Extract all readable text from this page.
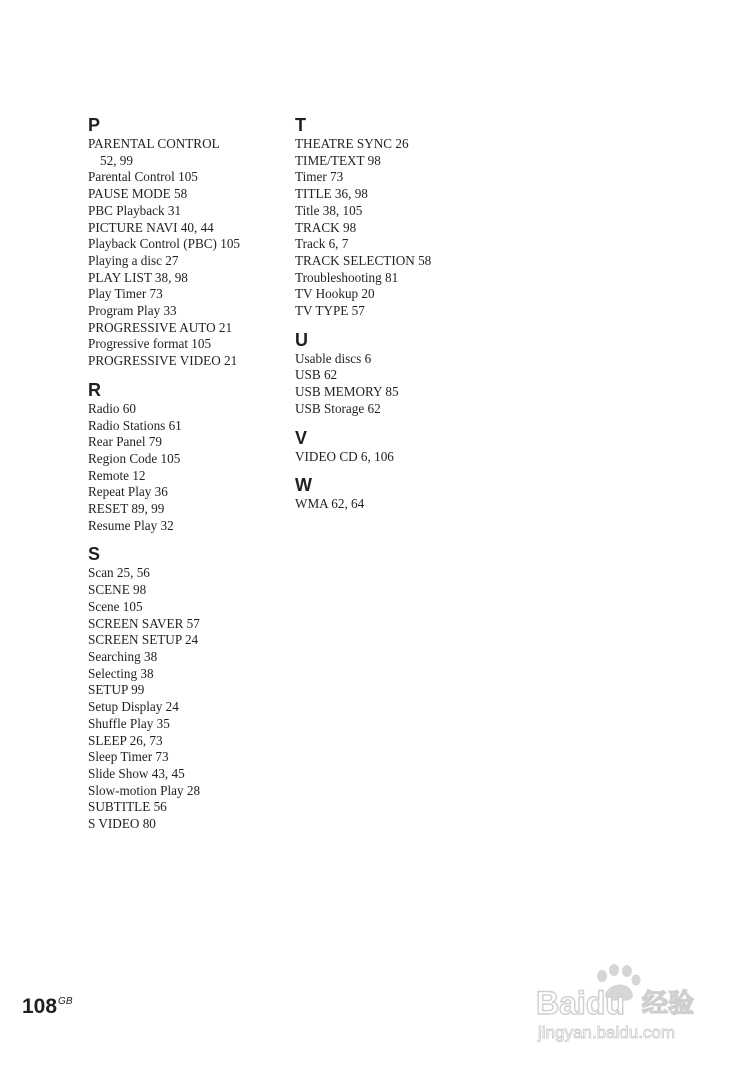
P
PARENTAL CONTROL
52, 99
Parental Control 105
PAUSE MODE 58
PBC Playback 31
PICTURE NAVI 40, 44
Playback Control (PBC) 105
Playing a disc 27
PLAY LIST 38, 98
Play Timer 73
Program Play 33
PROGRESSIVE AUTO 21
Progressive format 105
PROGRESSIVE VIDEO 21
R
Radio 60
Radio Stations 61
Rear Panel 79
Region Code 105
Remote 12
Repeat Play 36
RESET 89, 99
Resume Play 32
S
Scan 25, 56
SCENE 98
Scene 105
SCREEN SAVER 57
SCREEN SETUP 24
Searching 38
Selecting 38
SETUP 99
Setup Display 24
Shuffle Play 35
SLEEP 26, 73
Sleep Timer 73
Slide Show 43, 45
Slow-motion Play 28
SUBTITLE 56
S VIDEO 80
T
THEATRE SYNC 26
TIME/TEXT 98
Timer 73
TITLE 36, 98
Title 38, 105
TRACK 98
Track 6, 7
TRACK SELECTION 58
Troubleshooting 81
TV Hookup 20
TV TYPE 57
U
Usable discs 6
USB 62
USB MEMORY 85
USB Storage 62
V
VIDEO CD 6, 106
W
WMA 62, 64
$108^{GB}$	Baidu 经验
jingyan.baidu.com
